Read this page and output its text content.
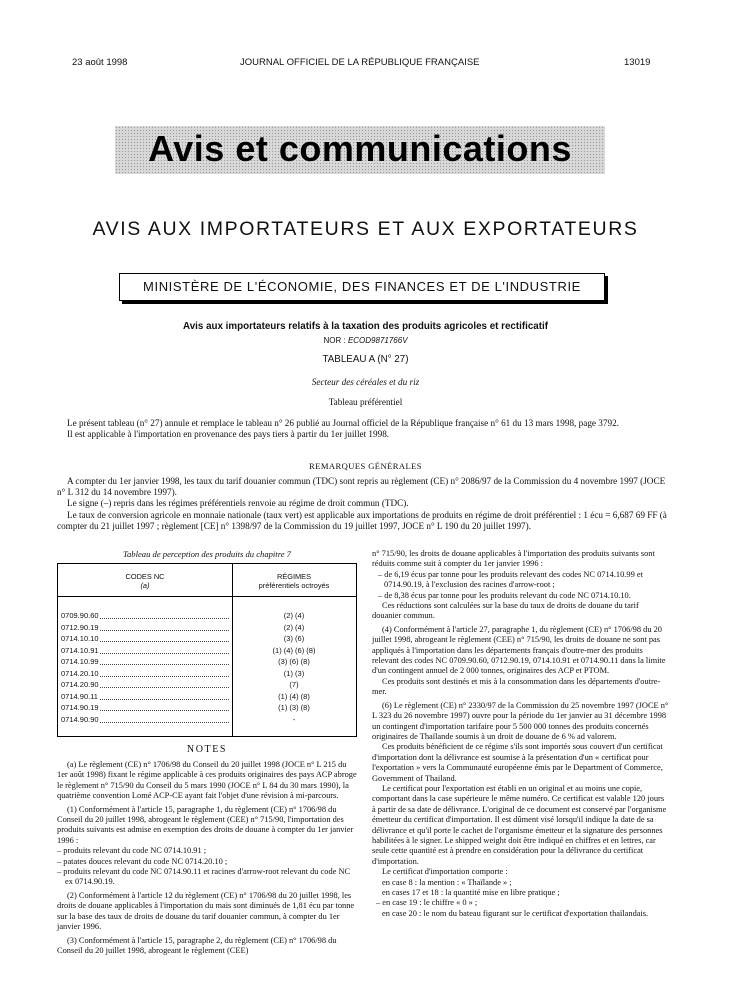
23 août 1998	JOURNAL OFFICIEL DE LA RÉPUBLIQUE FRANÇAISE	13019
Avis et communications
AVIS AUX IMPORTATEURS ET AUX EXPORTATEURS
MINISTÈRE DE L'ÉCONOMIE, DES FINANCES ET DE L'INDUSTRIE
Avis aux importateurs relatifs à la taxation des produits agricoles et rectificatif
NOR : ECOD9871766V
TABLEAU A (N° 27)
Secteur des céréales et du riz
Tableau préférentiel

Le présent tableau (n° 27) annule et remplace le tableau n° 26 publié au Journal officiel de la République française n° 61 du 13 mars 1998, page 3792.

Il est applicable à l'importation en provenance des pays tiers à partir du 1er juillet 1998.

REMARQUES GÉNÉRALES

A compter du 1er janvier 1998, les taux du tarif douanier commun (TDC) sont repris au règlement (CE) n° 2086/97 de la Commission du 4 novembre 1997 (JOCE n° L 312 du 14 novembre 1997).

Le signe (–) repris dans les régimes préférentiels renvoie au régime de droit commun (TDC).

Le taux de conversion agricole en monnaie nationale (taux vert) est applicable aux importations de produits en régime de droit préférentiel : 1 écu = 6,687 69 FF (à compter du 21 juillet 1997 ; règlement [CE] n° 1398/97 de la Commission du 19 juillet 1997, JOCE n° L 190 du 20 juillet 1997).

Tableau de perception des produits du chapitre 7
CODES NC
(a)
RÉGIMES
préférentiels octroyés
0709.90.60	(2) (4)
0712.90.19	(2) (4)
0714.10.10	(3) (6)
0714.10.91	(1) (4) (6) (8)
0714.10.99	(3) (6) (8)
0714.20.10	(1) (3)
0714.20.90	(7)
0714.90.11	(1) (4) (8)
0714.90.19	(1) (3) (8)
0714.90.90	-
NOTES

(a) Le règlement (CE) n° 1706/98 du Conseil du 20 juillet 1998 (JOCE n° L 215 du 1er août 1998) fixant le régime applicable à ces produits originaires des pays ACP abroge le règlement n° 715/90 du Conseil du 5 mars 1990 (JOCE n° L 84 du 30 mars 1990), la quatrième convention Lomé ACP-CE ayant fait l'objet d'une révision à mi-parcours.

(1) Conformément à l'article 15, paragraphe 1, du règlement (CE) n° 1706/98 du Conseil du 20 juillet 1998, abrogeant le règlement (CEE) n° 715/90, l'importation des produits suivants est admise en exemption des droits de douane à compter du 1er janvier 1996 :

– produits relevant du code NC 0714.10.91 ;

– patates douces relevant du code NC 0714.20.10 ;

– produits relevant du code NC 0714.90.11 et racines d'arrow-root relevant du code NC ex 0714.90.19.

(2) Conformément à l'article 12 du règlement (CE) n° 1706/98 du 20 juillet 1998, les droits de douane applicables à l'importation du mais sont diminués de 1,81 écu par tonne sur la base des taux de droits de douane du tarif douanier commun, à compter du 1er janvier 1996.

(3) Conformément à l'article 15, paragraphe 2, du règlement (CE) n° 1706/98 du Conseil du 20 juillet 1998, abrogeant le règlement (CEE)

n° 715/90, les droits de douane applicables à l'importation des produits suivants sont réduits comme suit à compter du 1er janvier 1996 :

– de 6,19 écus par tonne pour les produits relevant des codes NC 0714.10.99 et 0714.90.19, à l'exclusion des racines d'arrow-root ;

– de 8,38 écus par tonne pour les produits relevant du code NC 0714.10.10.

Ces réductions sont calculées sur la base du taux de droits de douane du tarif douanier commun.

(4) Conformément à l'article 27, paragraphe 1, du règlement (CE) n° 1706/98 du 20 juillet 1998, abrogeant le règlement (CEE) n° 715/90, les droits de douane ne sont pas appliqués à l'importation dans les départements français d'outre-mer des produits relevant des codes NC 0709.90.60, 0712.90.19, 0714.10.91 et 0714.90.11 dans la limite d'un contingent annuel de 2 000 tonnes, originaires des ACP et PTOM.

Ces produits sont destinés et mis à la consommation dans les départements d'outre-mer.

(6) Le règlement (CE) n° 2330/97 de la Commission du 25 novembre 1997 (JOCE n° L 323 du 26 novembre 1997) ouvre pour la période du 1er janvier au 31 décembre 1998 un contingent d'importation tarifaire pour 5 500 000 tonnes des produits concernés originaires de Thaïlande soumis à un droit de douane de 6 % ad valorem.

Ces produits bénéficient de ce régime s'ils sont importés sous couvert d'un certificat d'importation dont la délivrance est soumise à la présentation d'un « certificat pour l'exportation » vers la Communauté européenne émis par le Department of Commerce, Government of Thailand.

Le certificat pour l'exportation est établi en un original et au moins une copie, comportant dans la case supérieure le même numéro. Ce certificat est valable 120 jours à partir de sa date de délivrance. L'original de ce document est conservé par l'organisme émetteur du certificat d'importation. Il est dûment visé lorsqu'il indique la date de sa délivrance et qu'il porte le cachet de l'organisme émetteur et la signature des personnes habilitées à le signer. Le shipped weight doit être indiqué en chiffres et en lettres, car seule cette quantité est à prendre en considération pour la délivrance du certificat d'importation.

Le certificat d'importation comporte :

en case 8 : la mention : « Thaïlande » ;

en cases 17 et 18 : la quantité mise en libre pratique ;

– en case 19 : le chiffre « 0 » ;

en case 20 : le nom du bateau figurant sur le certificat d'exportation thaïlandais.
